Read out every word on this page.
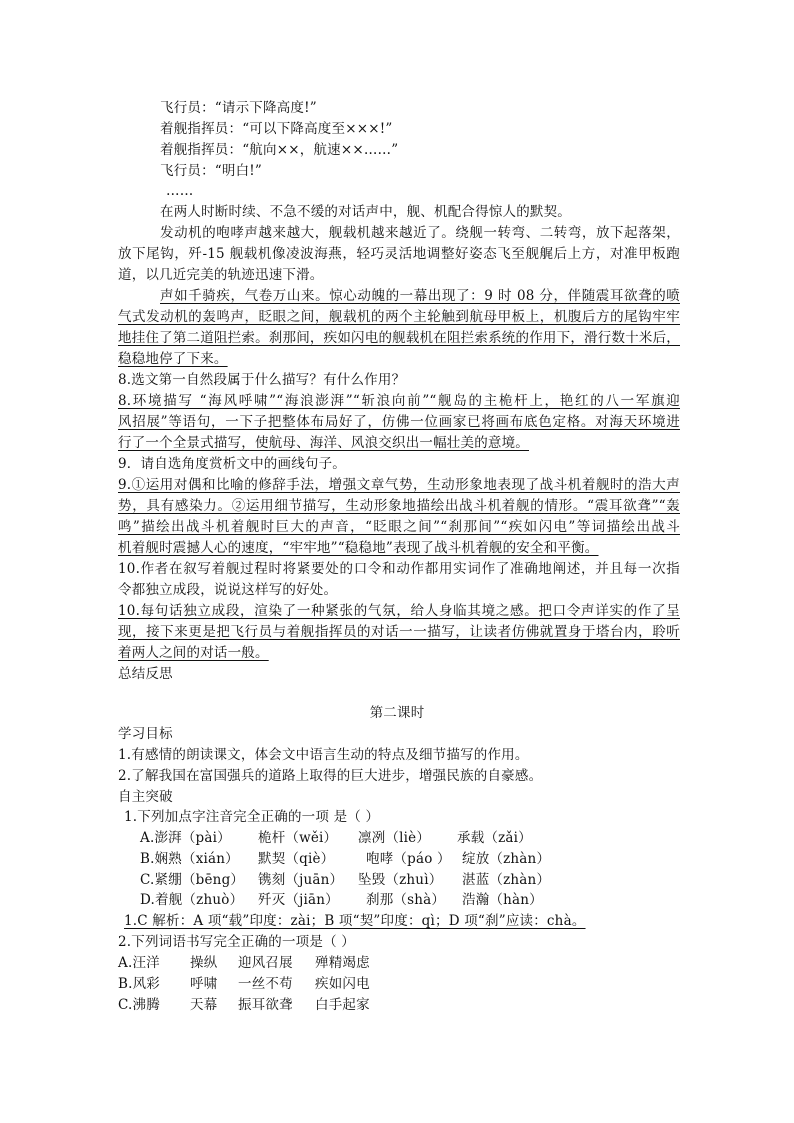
飞行员：“请示下降高度!”
着舰指挥员：“可以下降高度至×××!”
着舰指挥员：“航向××，航速××……”
飞行员：“明白!”
……
在两人时断时续、不急不缓的对话声中，舰、机配合得惊人的默契。
发动机的咆哮声越来越大，舰载机越来越近了。绕舰一转弯、二转弯，放下起落架，
放下尾钩，歼-15 舰载机像凌波海燕，轻巧灵活地调整好姿态飞至舰艉后上方，对准甲板跑
道，以几近完美的轨迹迅速下滑。
声如千骑疾，气卷万山来。惊心动魄的一幕出现了：9 时 08 分，伴随震耳欲聋的喷
气式发动机的轰鸣声，眨眼之间，舰载机的两个主轮触到航母甲板上，机腹后方的尾钩牢牢
地挂住了第二道阻拦索。刹那间，疾如闪电的舰载机在阻拦索系统的作用下，滑行数十米后，
稳稳地停了下来。
8.选文第一自然段属于什么描写？有什么作用？
8.环境描写 “海风呼啸”“海浪澎湃”“斩浪向前”“舰岛的主桅杆上，艳红的八一军旗迎
风招展”等语句，一下子把整体布局好了，仿佛一位画家已将画布底色定格。对海天环境进
行了一个全景式描写，使航母、海洋、风浪交织出一幅壮美的意境。
9．请自选角度赏析文中的画线句子。
9.①运用对偶和比喻的修辞手法，增强文章气势，生动形象地表现了战斗机着舰时的浩大声
势，具有感染力。②运用细节描写，生动形象地描绘出战斗机着舰的情形。“震耳欲聋”“轰
鸣”描绘出战斗机着舰时巨大的声音，“眨眼之间”“刹那间”“疾如闪电”等词描绘出战斗
机着舰时震撼人心的速度，“牢牢地”“稳稳地”表现了战斗机着舰的安全和平衡。
10.作者在叙写着舰过程时将紧要处的口令和动作都用实词作了准确地阐述，并且每一次指
令都独立成段，说说这样写的好处。
10.每句话独立成段，渲染了一种紧张的气氛，给人身临其境之感。把口令声详实的作了呈
现，接下来更是把飞行员与着舰指挥员的对话一一描写，让读者仿佛就置身于塔台内，聆听
着两人之间的对话一般。
总结反思
第二课时
学习目标
1.有感情的朗读课文，体会文中语言生动的特点及细节描写的作用。
2.了解我国在富国强兵的道路上取得的巨大进步，增强民族的自豪感。
自主突破
1.下列加点字注音完全正确的一项 是（ ）
A.澎湃（pài） 桅杆（wěi） 凛冽（liè） 承载（zǎi）
B.娴熟（xián） 默契（qiè） 咆哮（páo ） 绽放（zhàn）
C.紧绷（bēng） 镌刻（juān） 坠毁（zhuì） 湛蓝（zhàn）
D.着舰（zhuò） 歼灭（jiān） 刹那（shà） 浩瀚（hàn）
1.C 解析：A 项“载”印度：zài；B 项“契”印度：qì；D 项“刹”应读：chà。
2.下列词语书写完全正确的一项是（ ）
A.汪洋 操纵 迎风召展 殚精竭虑
B.风彩 呼啸 一丝不苟 疾如闪电
C.沸腾 天幕 振耳欲聋 白手起家
